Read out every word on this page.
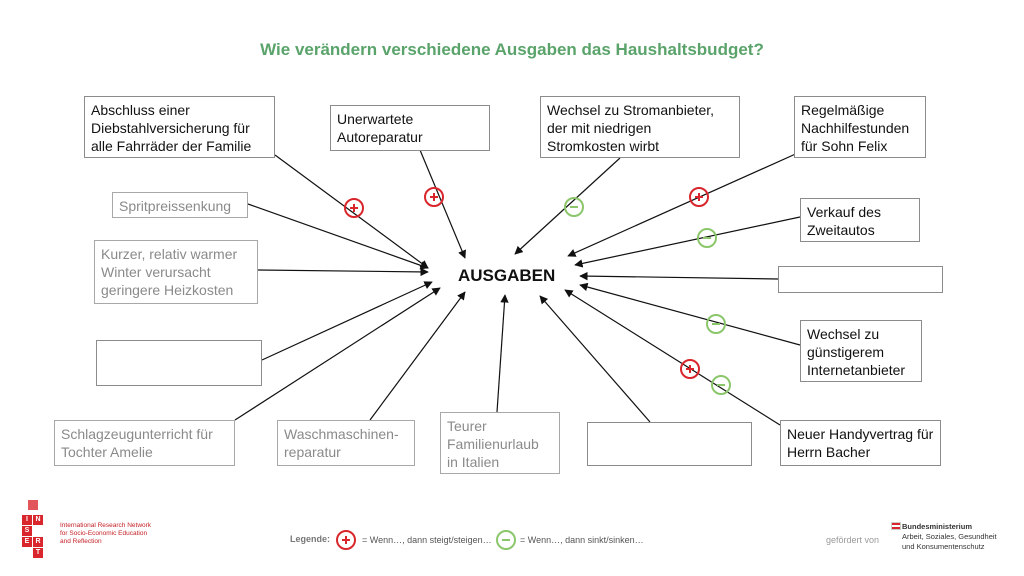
Wie verändern verschiedene Ausgaben das Haushaltsbudget?
AUSGABEN
Abschluss einer Diebstahlversicherung für alle Fahrräder der Familie
Unerwartete Autoreparatur
Wechsel zu Stromanbieter, der mit niedrigen Stromkosten wirbt
Regelmäßige Nachhilfestunden für Sohn Felix
Spritpreissenkung
Kurzer, relativ warmer Winter verursacht geringere Heizkosten
Verkauf des Zweitautos
Wechsel zu günstigerem Internetanbieter
Schlagzeugunterricht für Tochter Amelie
Waschmaschinen-reparatur
Teurer Familienurlaub in Italien
Neuer Handyvertrag für Herrn Bacher
I	N
S
E R
T
International Research Network
for Socio-Economic Education
and Reflection	Legende:	= Wenn…, dann steigt/steigen…	= Wenn…, dann sinkt/sinken…	gefördert von
Bundesministerium
Arbeit, Soziales, Gesundheit
und Konsumentenschutz
